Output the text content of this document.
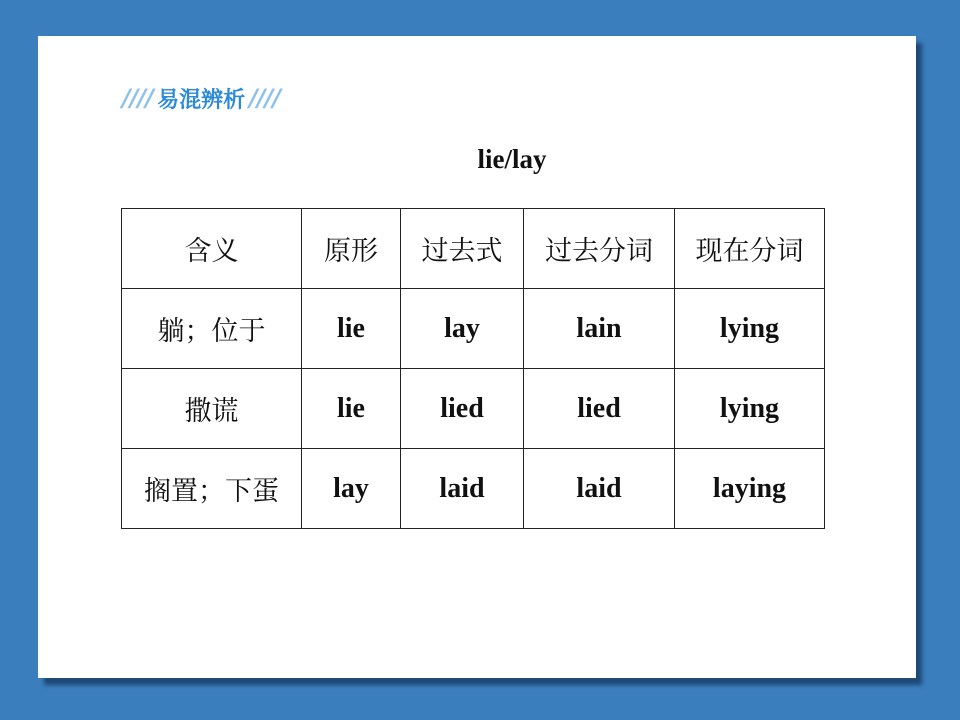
//// 易混辨析 ////
lie/lay
含义	原形	过去式	过去分词	现在分词
躺；位于	lie	lay	lain	lying
撒谎	lie	lied	lied	lying
搁置；下蛋	lay	laid	laid	laying
